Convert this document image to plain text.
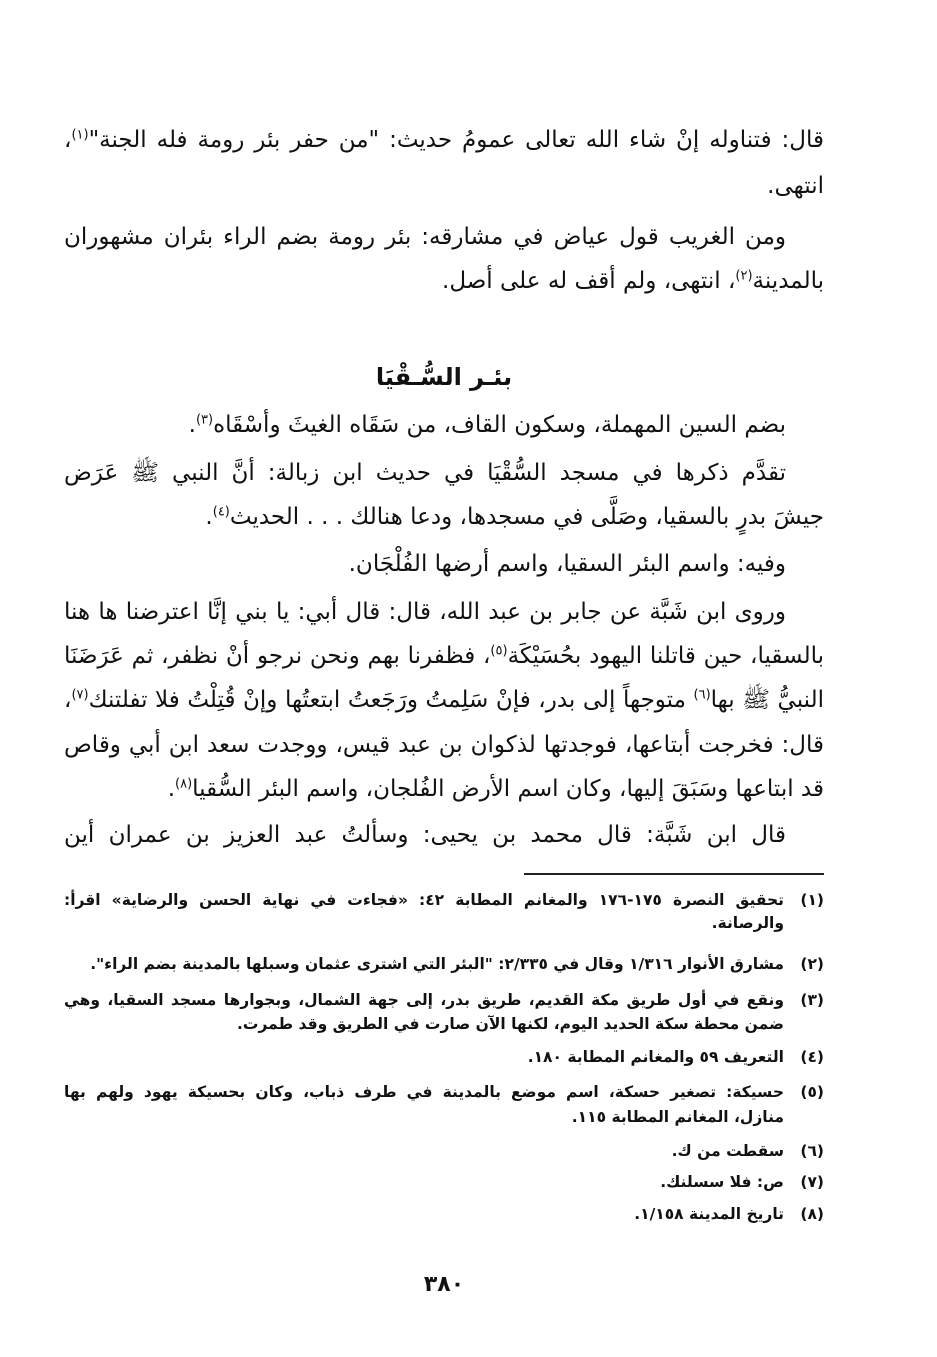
قال: فتناوله إنْ شاء الله تعالى عمومُ حديث: "من حفر بئر رومة فله الجنة"$^{(١)}$،
انتهى.
ومن الغريب قول عياض في مشارقه: بئر رومة بضم الراء بئران مشهوران
بالمدينة$^{(٢)}$، انتهى، ولم أقف له على أصل.
بئـر السُّـقْيَا
بضم السين المهملة، وسكون القاف، من سَقَاه الغيثَ وأسْقَاه$^{(٣)}$.
تقدَّم ذكرها في مسجد السُّقْيَا في حديث ابن زبالة: أنَّ النبي ﷺ عَرَض
جيشَ بدرٍ بالسقيا، وصَلَّى في مسجدها، ودعا هنالك . . . الحديث$^{(٤)}$.
وفيه: واسم البئر السقيا، واسم أرضها الفُلْجَان.
وروى ابن شَبَّة عن جابر بن عبد الله، قال: قال أبي: يا بني إنَّا اعترضنا ها هنا
بالسقيا، حين قاتلنا اليهود بحُسَيْكَة$^{(٥)}$، فظفرنا بهم ونحن نرجو أنْ نظفر، ثم عَرَضَنَا
النبيُّ ﷺ بها$^{(٦)}$ متوجهاً إلى بدر، فإنْ سَلِمتُ ورَجَعتُ ابتعتُها وإنْ قُتِلْتُ فلا تفلتنك$^{(٧)}$،
قال: فخرجت أبتاعها، فوجدتها لذكوان بن عبد قيس، ووجدت سعد ابن أبي وقاص
قد ابتاعها وسَبَقَ إليها، وكان اسم الأرض الفُلجان، واسم البئر السُّقيا$^{(٨)}$.
قال ابن شَبَّة: قال محمد بن يحيى: وسألتُ عبد العزيز بن عمران أين
(١)تحقيق النصرة ١٧٥-١٧٦ والمغانم المطابة ٤٢: «فجاءت في نهاية الحسن والرضاية» اقرأ:
والرصانة.
(٢)مشارق الأنوار ١/٣١٦ وقال في ٢/٣٣٥: "البئر التي اشترى عثمان وسبلها بالمدينة بضم الراء".
(٣)ونقع في أول طريق مكة القديم، طريق بدر، إلى جهة الشمال، وبجوارها مسجد السقيا، وهي
ضمن محطة سكة الحديد اليوم، لكنها الآن صارت في الطريق وقد طمرت.
(٤)التعريف ٥٩ والمغانم المطابة ١٨٠.
(٥)حسيكة: تصغير حسكة، اسم موضع بالمدينة في طرف ذباب، وكان بحسيكة يهود ولهم بها
منازل، المغانم المطابة ١١٥.
(٦)سقطت من ك.
(٧)ص: فلا سسلنك.
(٨)تاريخ المدينة ١/١٥٨.
٣٨٠
